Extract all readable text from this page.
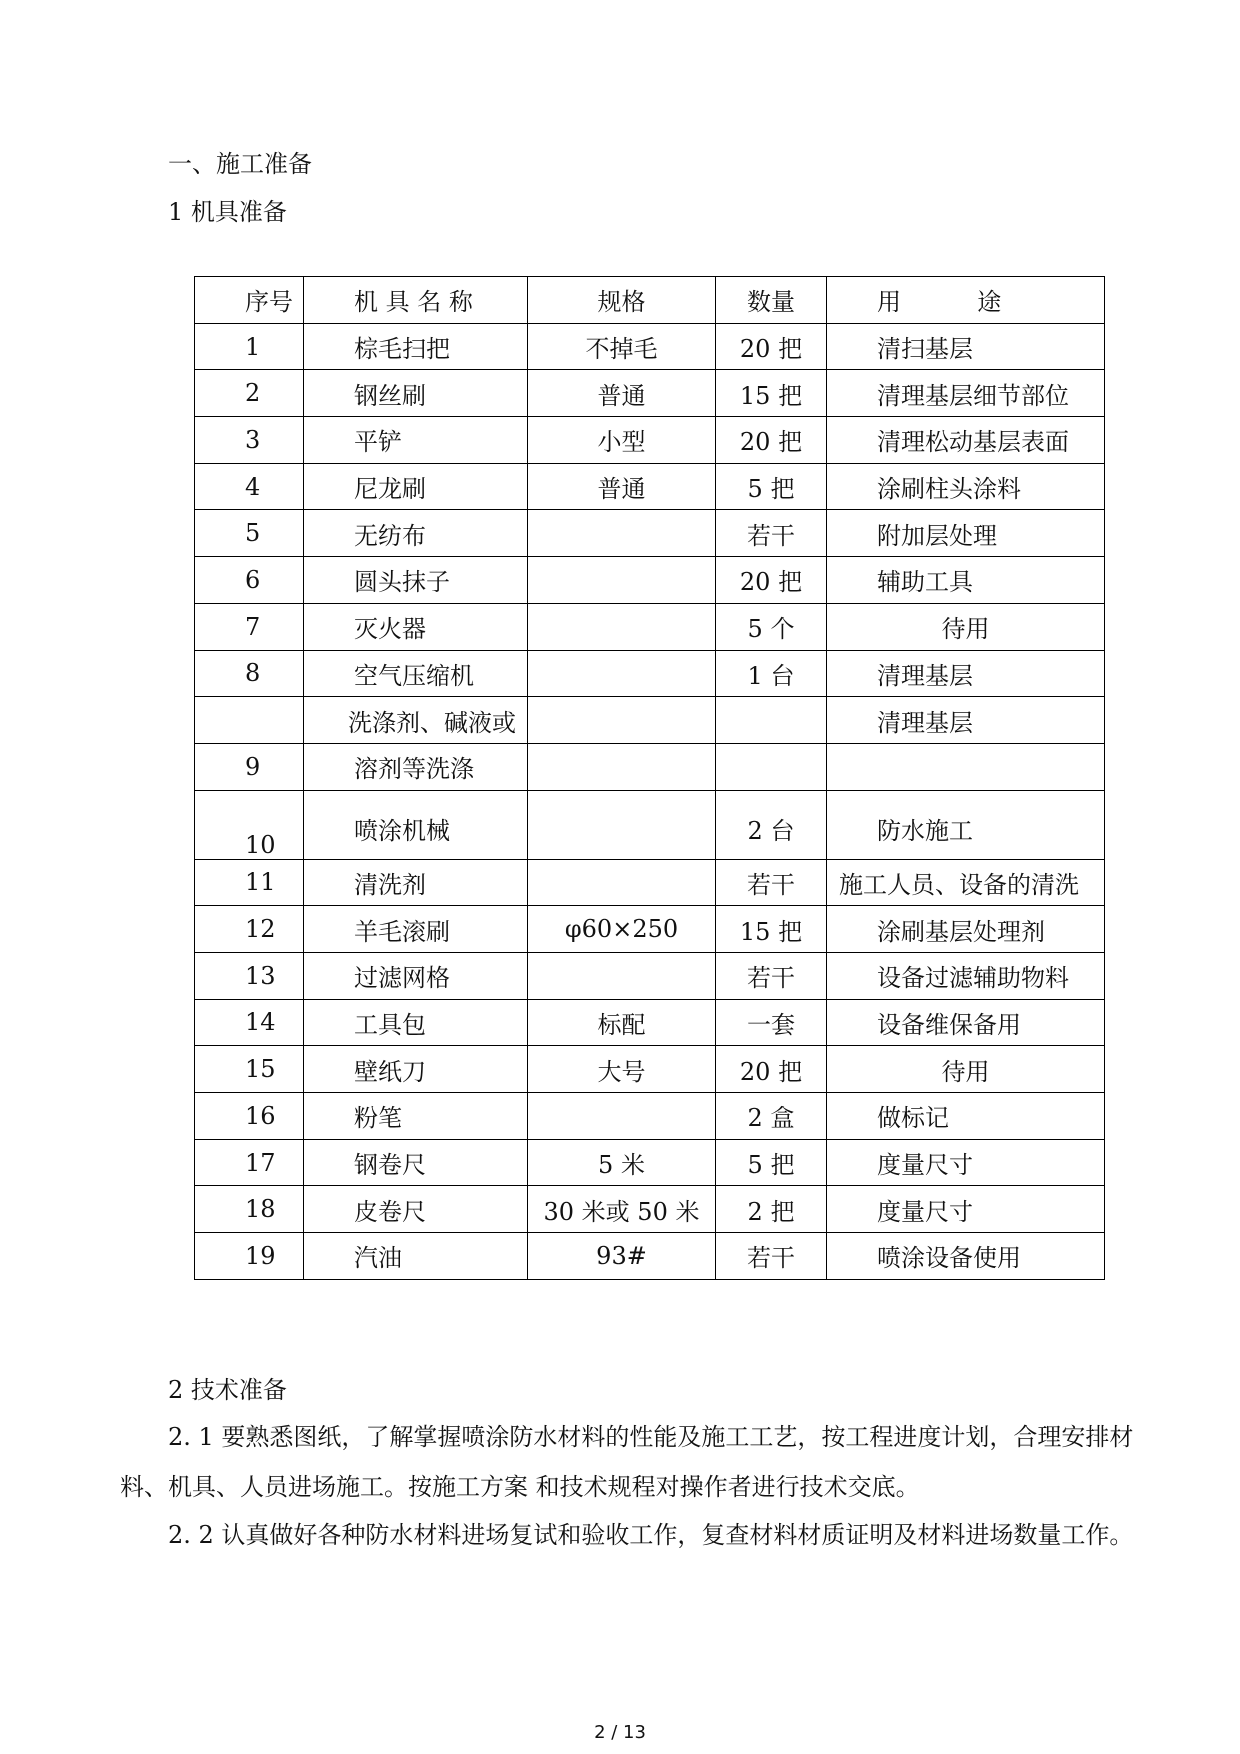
一、施工准备
1 机具准备
序号	机 具 名 称	规格	数量	用          途
1	棕毛扫把	不掉毛	20 把	清扫基层
2	钢丝刷	普通	15 把	清理基层细节部位
3	平铲	小型	20 把	清理松动基层表面
4	尼龙刷	普通	5 把	涂刷柱头涂料
5	无纺布		若干	附加层处理
6	圆头抹子		20 把	辅助工具
7	灭火器		5 个	待用
8	空气压缩机		1 台	清理基层
	洗涤剂、碱液或			清理基层
9	溶剂等洗涤			

10	喷涂机械		2 台	防水施工

11	清洗剂		若干	施工人员、设备的清洗
12	羊毛滚刷	φ60×250	15 把	涂刷基层处理剂
13	过滤网格		若干	设备过滤辅助物料
14	工具包	标配	一套	设备维保备用
15	壁纸刀	大号	20 把	待用
16	粉笔		2 盒	做标记
17	钢卷尺	5 米	5 把	度量尺寸
18	皮卷尺	30 米或 50 米	2 把	度量尺寸
19	汽油	93#	若干	喷涂设备使用
2 技术准备
2. 1 要熟悉图纸，了解掌握喷涂防水材料的性能及施工工艺，按工程进度计划，合理安排材料、机具、人员进场施工。按施工方案 和技术规程对操作者进行技术交底。
2. 2 认真做好各种防水材料进场复试和验收工作，复查材料材质证明及材料进场数量工作。
2 / 13
